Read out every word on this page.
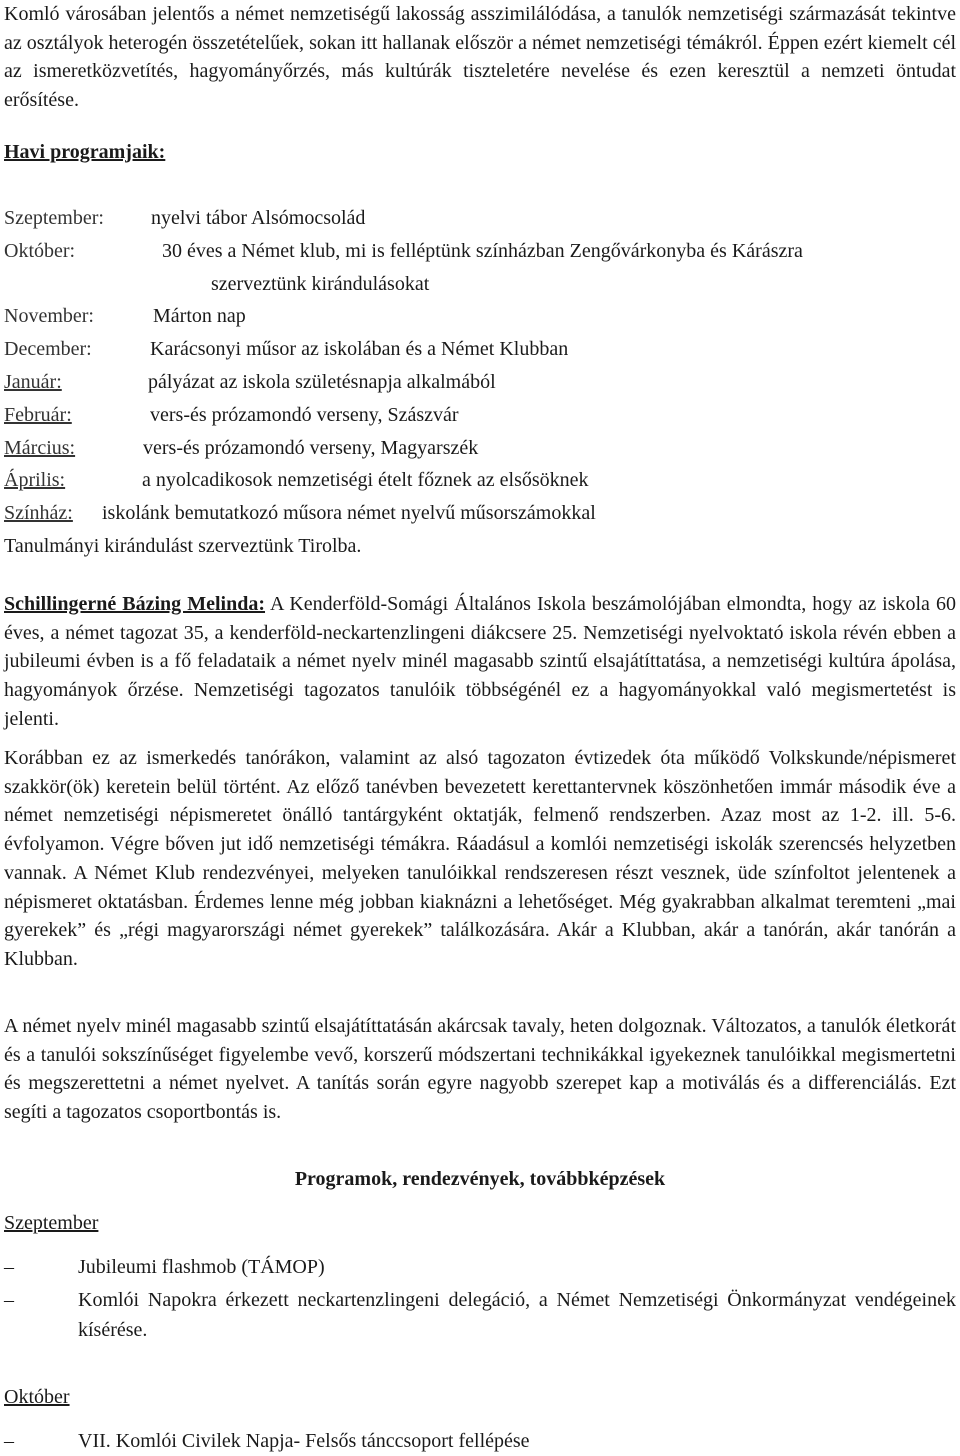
Komló városában jelentős a német nemzetiségű lakosság asszimilálódása, a tanulók nemzetiségi származását tekintve az osztályok heterogén összetételűek, sokan itt hallanak először a német nemzetiségi témákról. Éppen ezért kiemelt cél az ismeretközvetítés, hagyományőrzés, más kultúrák tiszteletére nevelése és ezen keresztül a nemzeti öntudat erősítése.

Havi programjaik:
Szeptember: nyelvi tábor Alsómocsolád
Október:	30 éves a Német klub, mi is felléptünk színházban Zengővárkonyba és Kárászra
szerveztünk kirándulásokat
November:	Márton nap
December:	Karácsonyi műsor az iskolában és a Német Klubban
Január:	pályázat az iskola születésnapja alkalmából
Február:	vers-és prózamondó verseny, Szászvár
Március:	vers-és prózamondó verseny, Magyarszék
Április:	a nyolcadikosok nemzetiségi ételt főznek az elsősöknek
Színház: iskolánk bemutatkozó műsora német nyelvű műsorszámokkal
Tanulmányi kirándulást szerveztünk Tirolba.

Schillingerné Bázing Melinda: A Kenderföld-Somági Általános Iskola beszámolójában elmondta, hogy az iskola 60 éves, a német tagozat 35, a kenderföld-neckartenzlingeni diákcsere 25. Nemzetiségi nyelvoktató iskola révén ebben a jubileumi évben is a fő feladataik a német nyelv minél magasabb szintű elsajátíttatása, a nemzetiségi kultúra ápolása, hagyományok őrzése. Nemzetiségi tagozatos tanulóik többségénél ez a hagyományokkal való megismertetést is jelenti.

Korábban ez az ismerkedés tanórákon, valamint az alsó tagozaton évtizedek óta működő Volkskunde/népismeret szakkör(ök) keretein belül történt. Az előző tanévben bevezetett kerettantervnek köszönhetően immár második éve a német nemzetiségi népismeretet önálló tantárgyként oktatják, felmenő rendszerben. Azaz most az 1-2. ill. 5-6. évfolyamon. Végre bőven jut idő nemzetiségi témákra. Ráadásul a komlói nemzetiségi iskolák szerencsés helyzetben vannak. A Német Klub rendezvényei, melyeken tanulóikkal rendszeresen részt vesznek, üde színfoltot jelentenek a népismeret oktatásban. Érdemes lenne még jobban kiaknázni a lehetőséget. Még gyakrabban alkalmat teremteni „mai gyerekek” és „régi magyarországi német gyerekek” találkozására. Akár a Klubban, akár a tanórán, akár tanórán a Klubban.

A német nyelv minél magasabb szintű elsajátíttatásán akárcsak tavaly, heten dolgoznak. Változatos, a tanulók életkorát és a tanulói sokszínűséget figyelembe vevő, korszerű módszertani technikákkal igyekeznek tanulóikkal megismertetni és megszerettetni a német nyelvet. A tanítás során egyre nagyobb szerepet kap a motiválás és a differenciálás. Ezt segíti a tagozatos csoportbontás is.

Programok, rendezvények, továbbképzések
Szeptember
–	Jubileumi flashmob (TÁMOP)
–	Komlói Napokra érkezett neckartenzlingeni delegáció, a Német Nemzetiségi Önkormányzat vendégeinek kísérése.
Október
–	VII. Komlói Civilek Napja- Felsős tánccsoport fellépése
